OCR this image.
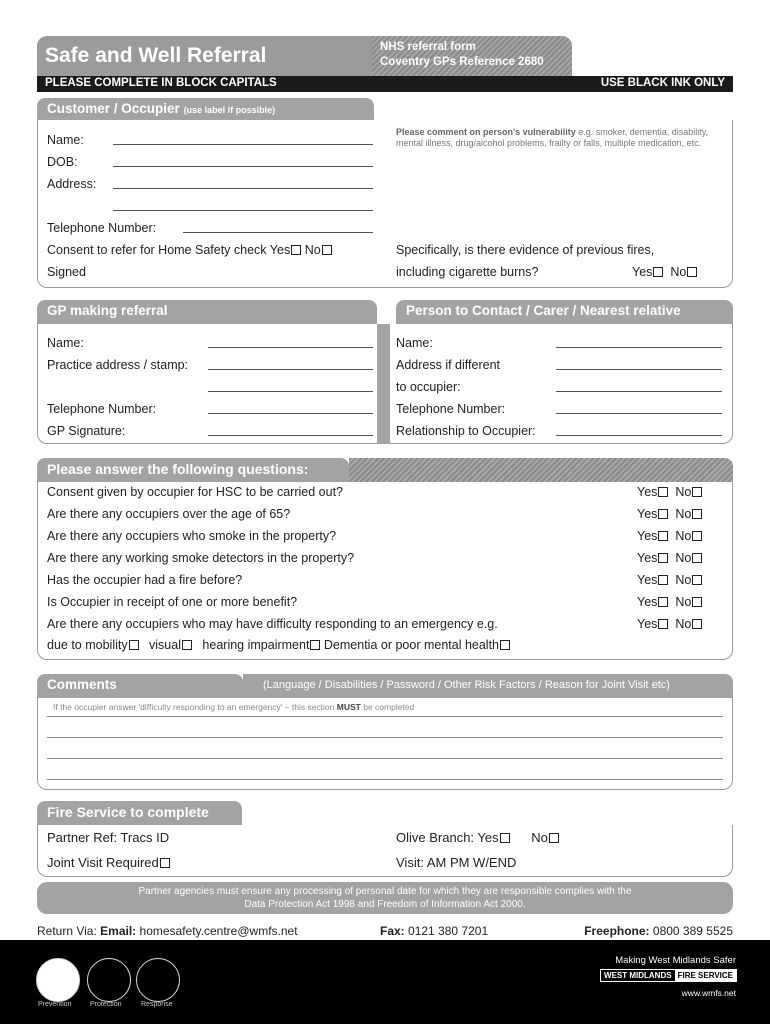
Safe and Well Referral	NHS referral form
Coventry GPs Reference 2680
PLEASE COMPLETE IN BLOCK CAPITALS	USE BLACK INK ONLY
Customer / Occupier (use label if possible)
Name:
DOB:
Address:
Telephone Number:
Consent to refer for Home Safety check Yes No
Signed
Please comment on person's vulnerability e.g. smoker, dementia, disability, mental illness, drug/alcohol problems, frailty or falls, multiple medication, etc.
Specifically, is there evidence of previous fires,
including cigarette burns?	Yes No
GP making referral	Person to Contact / Carer / Nearest relative
Name:
Practice address / stamp:
Telephone Number:
GP Signature:
Name:
Address if different
to occupier:
Telephone Number:
Relationship to Occupier:
Please answer the following questions:
Consent given by occupier for HSC to be carried out?	Yes No
Are there any occupiers over the age of 65?	Yes No
Are there any occupiers who smoke in the property?	Yes No
Are there any working smoke detectors in the property?	Yes No
Has the occupier had a fire before?	Yes No
Is Occupier in receipt of one or more benefit?	Yes No
Are there any occupiers who may have difficulty responding to an emergency e.g.	Yes No
due to mobility visual hearing impairment Dementia or poor mental health
Comments	(Language / Disabilities / Password / Other Risk Factors / Reason for Joint Visit etc)
If the occupier answer 'difficulty responding to an emergency' – this section MUST be completed
Fire Service to complete
Partner Ref: Tracs ID	Olive Branch: Yes	No
Joint Visit Required	Visit: AM PM W/END
Partner agencies must ensure any processing of personal date for which they are responsible complies with the
Data Protection Act 1998 and Freedom of Information Act 2000.
Return Via: Email: homesafety.centre@wmfs.net	Fax: 0121 380 7201	Freephone: 0800 389 5525
Prevention	Protection	Response
Making West Midlands Safer
WEST MIDLANDS FIRE SERVICE
www.wmfs.net
